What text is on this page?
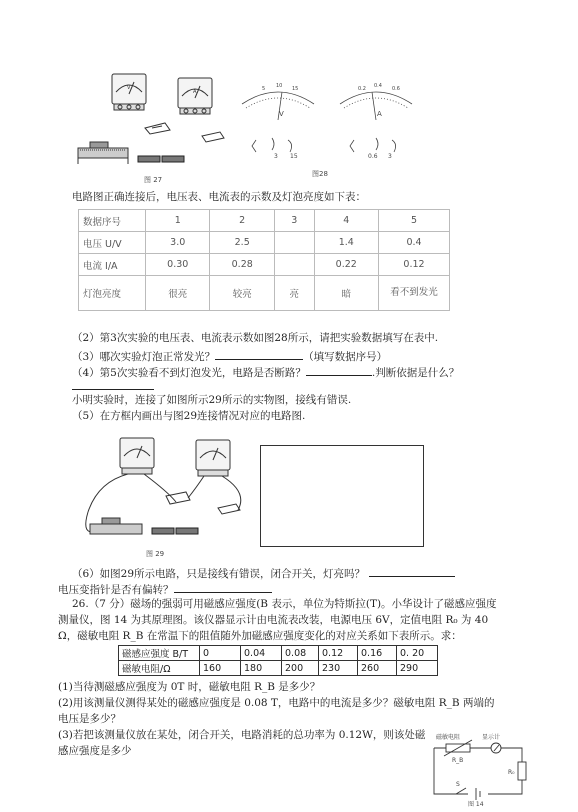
V
A
图 27
5 10 15
V
3 15
0.2 0.4 0.6
A
0.6 3
图28
电路图正确连接后，电压表、电流表的示数及灯泡亮度如下表：
数据序号	1	2	3	4	5
电压 U/V	3.0	2.5		1.4	0.4
电流 I/A	0.30	0.28		0.22	0.12
灯泡亮度	很亮	较亮	亮	暗	看不到发光
（2）第3次实验的电压表、电流表示数如图28所示，请把实验数据填写在表中.
（3）哪次实验灯泡正常发光？	（填写数据序号）
（4）第5次实验看不到灯泡发光，电路是否断路？	.判断依据是什么？
小明实验时，连接了如图所示29所示的实物图，接线有错误.
（5）在方框内画出与图29连接情况对应的电路图.
图 29
（6）如图29所示电路，只是接线有错误，闭合开关，灯亮吗？
电压变指针是否有偏转？
26.（7 分）磁场的强弱可用磁感应强度(B 表示，单位为特斯拉(T)。小华设计了磁感应强度
测量仪，图 14 为其原理图。该仪器显示计由电流表改装，电源电压 6V，定值电阻 R₀ 为 40
Ω，磁敏电阻 R_B 在常温下的阻值随外加磁感应强度变化的对应关系如下表所示。求：
磁感应强度 B/T	0	0.04	0.08	0.12	0.16	0. 20
磁敏电阻/Ω	160	180	200	230	260	290
(1)当待测磁感应强度为 0T 时，磁敏电阻 R_B 是多少？
(2)用该测量仪测得某处的磁感应强度是 0.08 T，电路中的电流是多少？磁敏电阻 R_B 两端的
电压是多少？
(3)若把该测量仪放在某处，闭合开关，电路消耗的总功率为 0.12W，则该处磁
感应强度是多少
磁敏电阻	显示计
R_B
R₀
S
图 14
